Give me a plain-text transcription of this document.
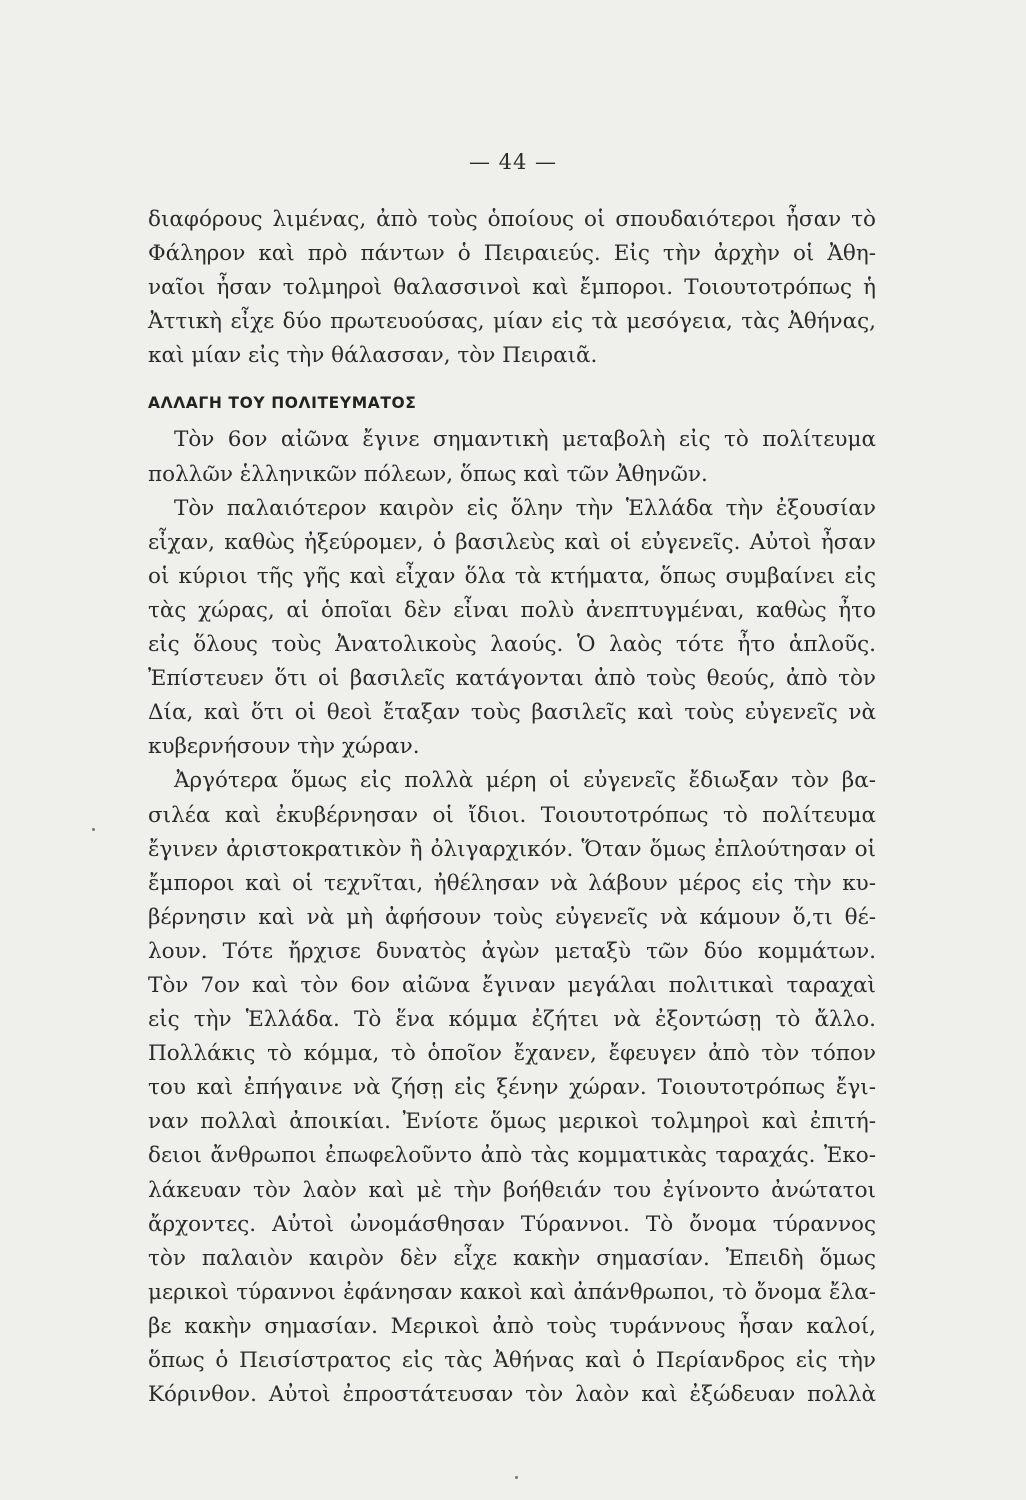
— 44 —
διαφόρους λιμένας, ἀπὸ τοὺς ὁποίους οἱ σπουδαιότεροι ἦσαν τὸ
Φάληρον καὶ πρὸ πάντων ὁ Πειραιεύς. Εἰς τὴν ἀρχὴν οἱ Ἀθη-
ναῖοι ἦσαν τολμηροὶ θαλασσινοὶ καὶ ἔμποροι. Τοιουτοτρόπως ἡ
Ἀττικὴ εἶχε δύο πρωτευούσας, μίαν εἰς τὰ μεσόγεια, τὰς Ἀθήνας,
καὶ μίαν εἰς τὴν θάλασσαν, τὸν Πειραιᾶ.
ΑΛΛΑΓΗ ΤΟΥ ΠΟΛΙΤΕΥΜΑΤΟΣ
Τὸν 6ον αἰῶνα ἔγινε σημαντικὴ μεταβολὴ εἰς τὸ πολίτευμα
πολλῶν ἑλληνικῶν πόλεων, ὅπως καὶ τῶν Ἀθηνῶν.
Τὸν παλαιότερον καιρὸν εἰς ὅλην τὴν Ἑλλάδα τὴν ἐξουσίαν
εἶχαν, καθὼς ἠξεύρομεν, ὁ βασιλεὺς καὶ οἱ εὐγενεῖς. Αὐτοὶ ἦσαν
οἱ κύριοι τῆς γῆς καὶ εἶχαν ὅλα τὰ κτήματα, ὅπως συμβαίνει εἰς
τὰς χώρας, αἱ ὁποῖαι δὲν εἶναι πολὺ ἀνεπτυγμέναι, καθὼς ἦτο
εἰς ὅλους τοὺς Ἀνατολικοὺς λαούς. Ὁ λαὸς τότε ἦτο ἁπλοῦς.
Ἐπίστευεν ὅτι οἱ βασιλεῖς κατάγονται ἀπὸ τοὺς θεούς, ἀπὸ τὸν
Δία, καὶ ὅτι οἱ θεοὶ ἔταξαν τοὺς βασιλεῖς καὶ τοὺς εὐγενεῖς νὰ
κυβερνήσουν τὴν χώραν.
Ἀργότερα ὅμως εἰς πολλὰ μέρη οἱ εὐγενεῖς ἔδιωξαν τὸν βα-
σιλέα καὶ ἐκυβέρνησαν οἱ ἴδιοι. Τοιουτοτρόπως τὸ πολίτευμα
ἔγινεν ἀριστοκρατικὸν ἢ ὀλιγαρχικόν. Ὅταν ὅμως ἐπλούτησαν οἱ
ἔμποροι καὶ οἱ τεχνῖται, ἠθέλησαν νὰ λάβουν μέρος εἰς τὴν κυ-
βέρνησιν καὶ νὰ μὴ ἀφήσουν τοὺς εὐγενεῖς νὰ κάμουν ὅ,τι θέ-
λουν. Τότε ἤρχισε δυνατὸς ἀγὼν μεταξὺ τῶν δύο κομμάτων.
Τὸν 7ον καὶ τὸν 6ον αἰῶνα ἔγιναν μεγάλαι πολιτικαὶ ταραχαὶ
εἰς τὴν Ἑλλάδα. Τὸ ἕνα κόμμα ἐζήτει νὰ ἐξοντώσῃ τὸ ἄλλο.
Πολλάκις τὸ κόμμα, τὸ ὁποῖον ἔχανεν, ἔφευγεν ἀπὸ τὸν τόπον
του καὶ ἐπήγαινε νὰ ζήσῃ εἰς ξένην χώραν. Τοιουτοτρόπως ἔγι-
ναν πολλαὶ ἀποικίαι. Ἐνίοτε ὅμως μερικοὶ τολμηροὶ καὶ ἐπιτή-
δειοι ἄνθρωποι ἐπωφελοῦντο ἀπὸ τὰς κομματικὰς ταραχάς. Ἐκο-
λάκευαν τὸν λαὸν καὶ μὲ τὴν βοήθειάν του ἐγίνοντο ἀνώτατοι
ἄρχοντες. Αὐτοὶ ὠνομάσθησαν Τύραννοι. Τὸ ὄνομα τύραννος
τὸν παλαιὸν καιρὸν δὲν εἶχε κακὴν σημασίαν. Ἐπειδὴ ὅμως
μερικοὶ τύραννοι ἐφάνησαν κακοὶ καὶ ἀπάνθρωποι, τὸ ὄνομα ἔλα-
βε κακὴν σημασίαν. Μερικοὶ ἀπὸ τοὺς τυράννους ἦσαν καλοί,
ὅπως ὁ Πεισίστρατος εἰς τὰς Ἀθήνας καὶ ὁ Περίανδρος εἰς τὴν
Κόρινθον. Αὐτοὶ ἐπροστάτευσαν τὸν λαὸν καὶ ἐξώδευαν πολλὰ
